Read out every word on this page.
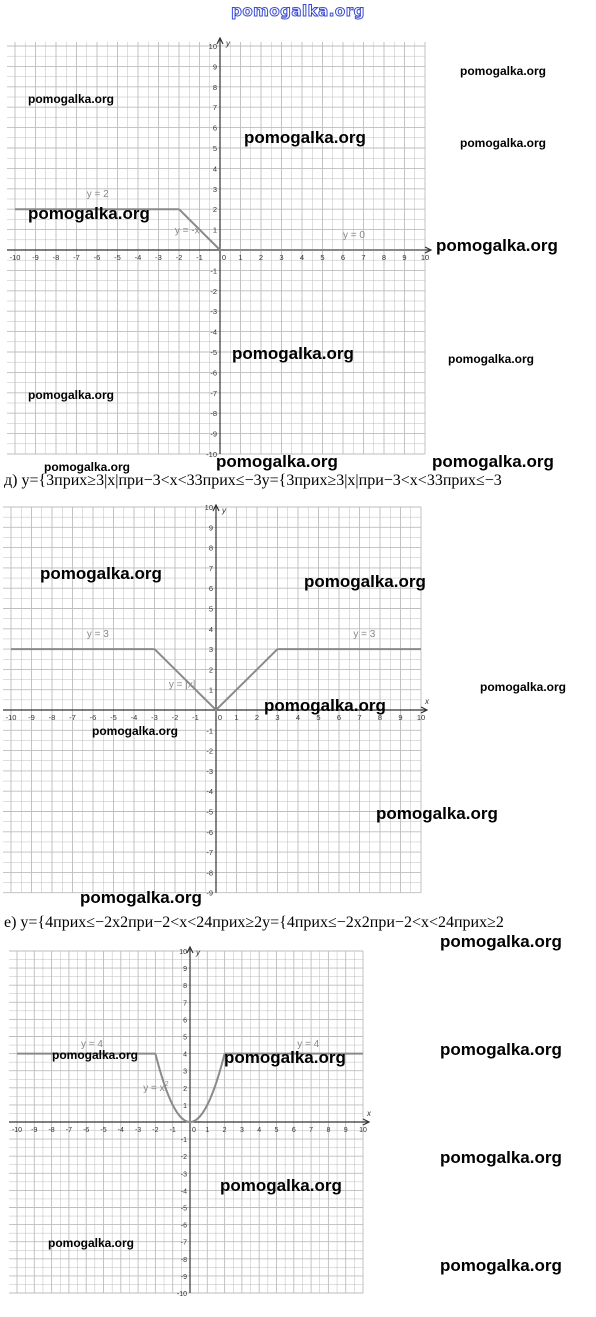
pomogalka.org
y
-10 -9 -8 -7 -6 -5 -4 -3 -2 -1	0 1 2 3 4 5 6 7 8 9 10
10
9
8
7
6
5
4
3
2
1
-1
-2
-3
-4
-5
-6
-7
-8
-9
-10
y = 2
y = -x	y = 0
д) y={3прих≥3|x|при−3<x<33прих≤−3y={3прих≥3|x|при−3<x<33прих≤−3
y
x
-10 -9 -8 -7 -6 -5 -4 -3 -2 -1	0 1 2 3 4 5 6 7 8 9 10
10
9
8
7
6
5
4
3
2
1
-1
-2
-3
-4
-5
-6
-7
-8
-9
y = 3
y = |x|
y = 3
е) y={4прих≤−2x2при−2<x<24прих≥2y={4прих≤−2x2при−2<x<24прих≥2
y
x
-10 -9 -8 -7 -6 -5 -4 -3 -2 -1 0 1 2 3 4 5 6 7 8 9 10
10
9
8
7
6
5
4
3
2
1
-1
-2
-3
-4
-5
-6
-7
-8
-9
-10
y = 4
$y = x^2$
y = 4
pomogalka.org
pomogalka.org
pomogalka.org	pomogalka.org
pomogalka.org
pomogalka.org
pomogalka.org	pomogalka.org
pomogalka.org
pomogalka.org	pomogalka.org
pomogalka.org
pomogalka.org	pomogalka.org
pomogalka.org
pomogalka.org
pomogalka.org
pomogalka.org
pomogalka.org
pomogalka.org
pomogalka.org
pomogalka.org	pomogalka.org
pomogalka.org
pomogalka.org
pomogalka.org
pomogalka.org
